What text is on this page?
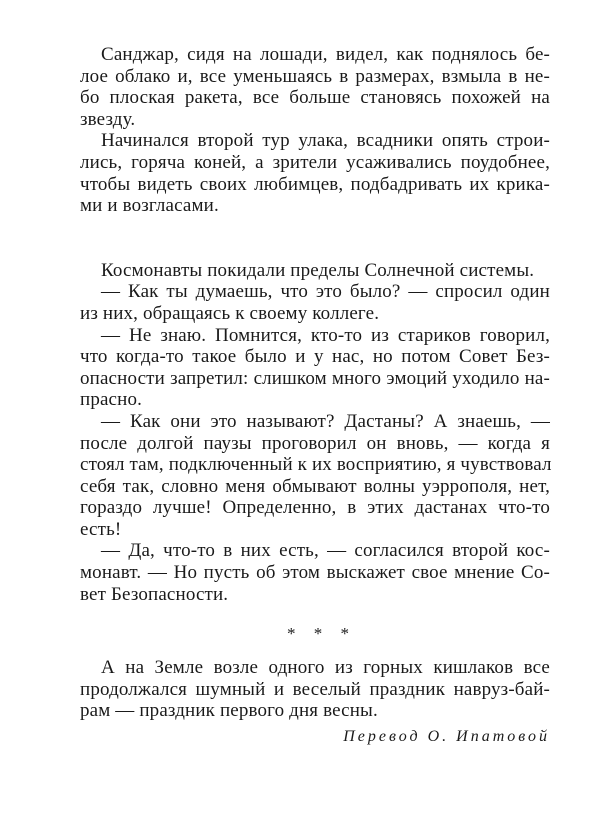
Санджар, сидя на лошади, видел, как поднялось бе-
лое облако и, все уменьшаясь в размерах, взмыла в не-
бо плоская ракета, все больше становясь похожей на
звезду.
Начинался второй тур улака, всадники опять строи-
лись, горяча коней, а зрители усаживались поудобнее,
чтобы видеть своих любимцев, подбадривать их крика-
ми и возгласами.
Космонавты покидали пределы Солнечной системы.
— Как ты думаешь, что это было? — спросил один
из них, обращаясь к своему коллеге.
— Не знаю. Помнится, кто-то из стариков говорил,
что когда-то такое было и у нас, но потом Совет Без-
опасности запретил: слишком много эмоций уходило на-
прасно.
— Как они это называют? Дастаны? А знаешь, —
после долгой паузы проговорил он вновь, — когда я
стоял там, подключенный к их восприятию, я чувствовал
себя так, словно меня обмывают волны уэррополя, нет,
гораздо лучше! Определенно, в этих дастанах что-то
есть!
— Да, что-то в них есть, — согласился второй кос-
монавт. — Но пусть об этом выскажет свое мнение Со-
вет Безопасности.
* * *
А на Земле возле одного из горных кишлаков все
продолжался шумный и веселый праздник навруз-бай-
рам — праздник первого дня весны.
Перевод О. Ипатовой
